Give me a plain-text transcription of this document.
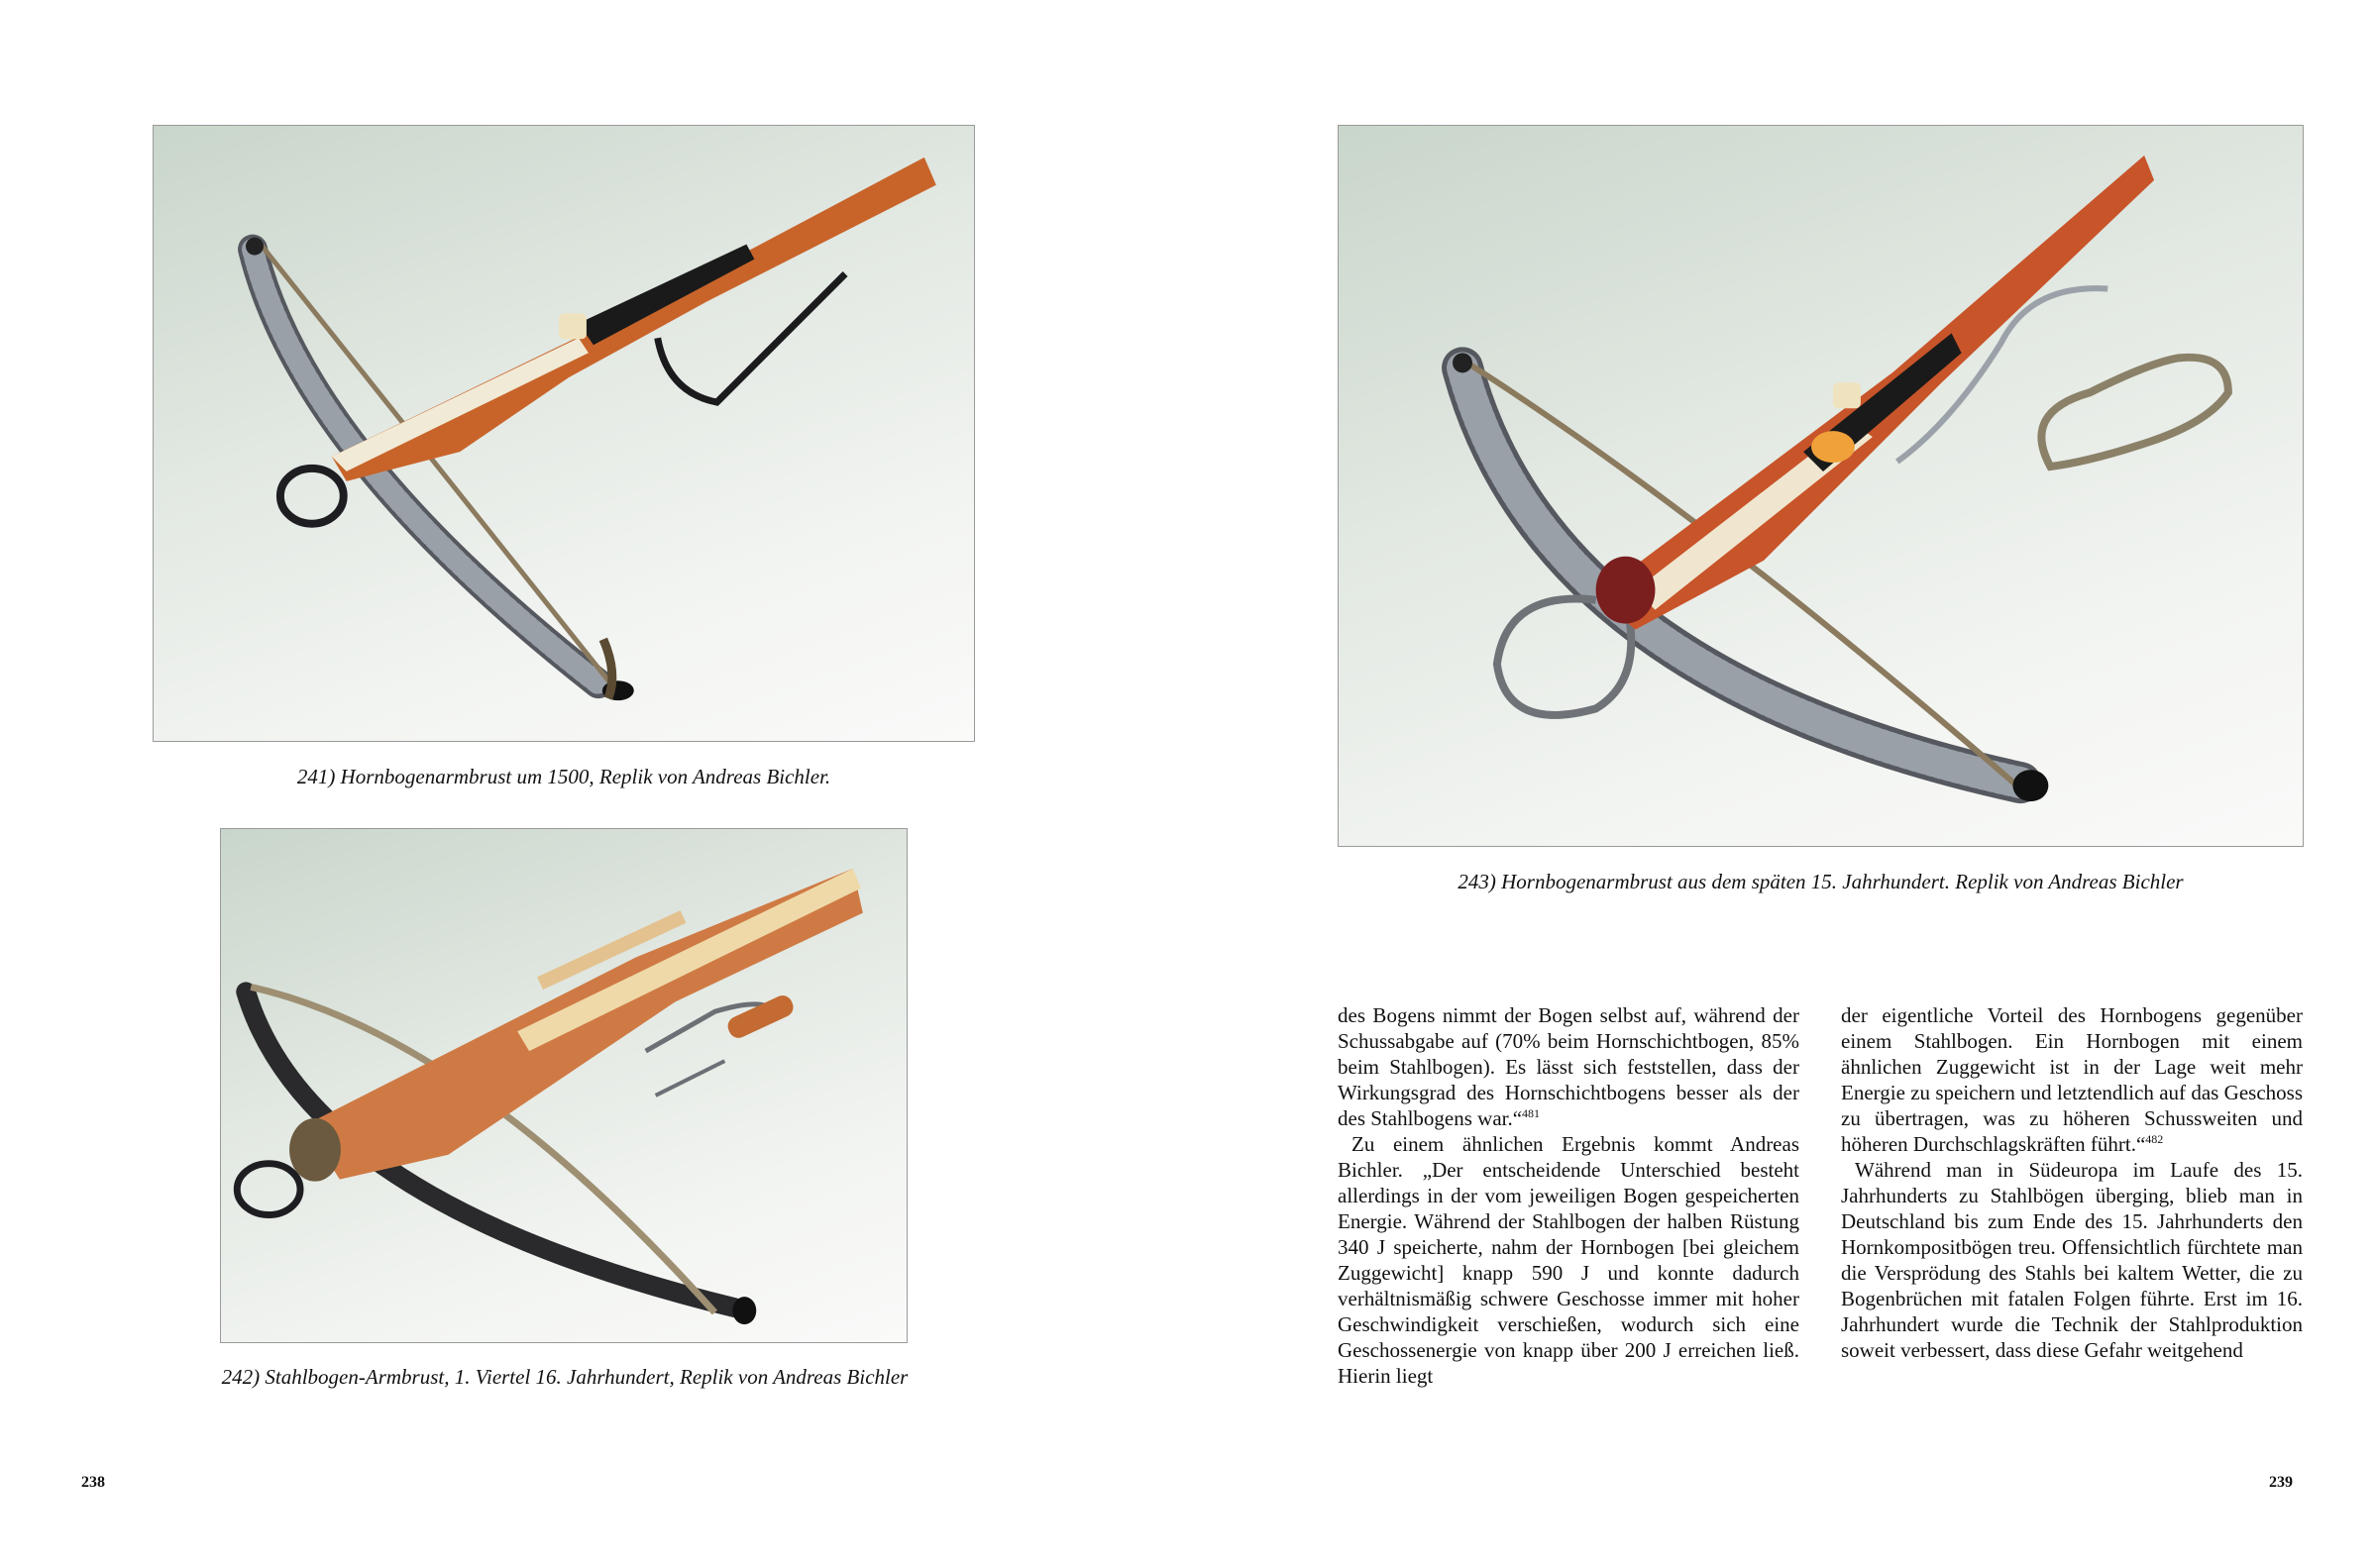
241) Hornbogenarmbrust um 1500, Replik von Andreas Bichler.
242) Stahlbogen-Armbrust, 1. Viertel 16. Jahrhundert, Replik von Andreas Bichler
238
243) Hornbogenarmbrust aus dem späten 15. Jahrhundert. Replik von Andreas Bichler

des Bogens nimmt der Bogen selbst auf, während der Schussabgabe auf (70% beim Hornschichtbogen, 85% beim Stahlbogen). Es lässt sich feststellen, dass der Wirkungsgrad des Hornschichtbogens besser als der des Stahlbogens war.“$^{481}$

Zu einem ähnlichen Ergebnis kommt Andreas Bichler. „Der entscheidende Unterschied besteht allerdings in der vom jeweiligen Bogen gespeicherten Energie. Während der Stahlbogen der halben Rüstung 340 J speicherte, nahm der Hornbogen [bei gleichem Zuggewicht] knapp 590 J und konnte dadurch verhältnismäßig schwere Geschosse immer mit hoher Geschwindigkeit verschießen, wodurch sich eine Geschossenergie von knapp über 200 J erreichen ließ. Hierin liegt

der eigentliche Vorteil des Hornbogens gegenüber einem Stahlbogen. Ein Hornbogen mit einem ähnlichen Zuggewicht ist in der Lage weit mehr Energie zu speichern und letztendlich auf das Geschoss zu übertragen, was zu höheren Schussweiten und höheren Durchschlagskräften führt.“$^{482}$

Während man in Südeuropa im Laufe des 15. Jahrhunderts zu Stahlbögen überging, blieb man in Deutschland bis zum Ende des 15. Jahrhunderts den Hornkompositbögen treu. Offensichtlich fürchtete man die Versprödung des Stahls bei kaltem Wetter, die zu Bogenbrüchen mit fatalen Folgen führte. Erst im 16. Jahrhundert wurde die Technik der Stahlproduktion soweit verbessert, dass diese Gefahr weitgehend

239
